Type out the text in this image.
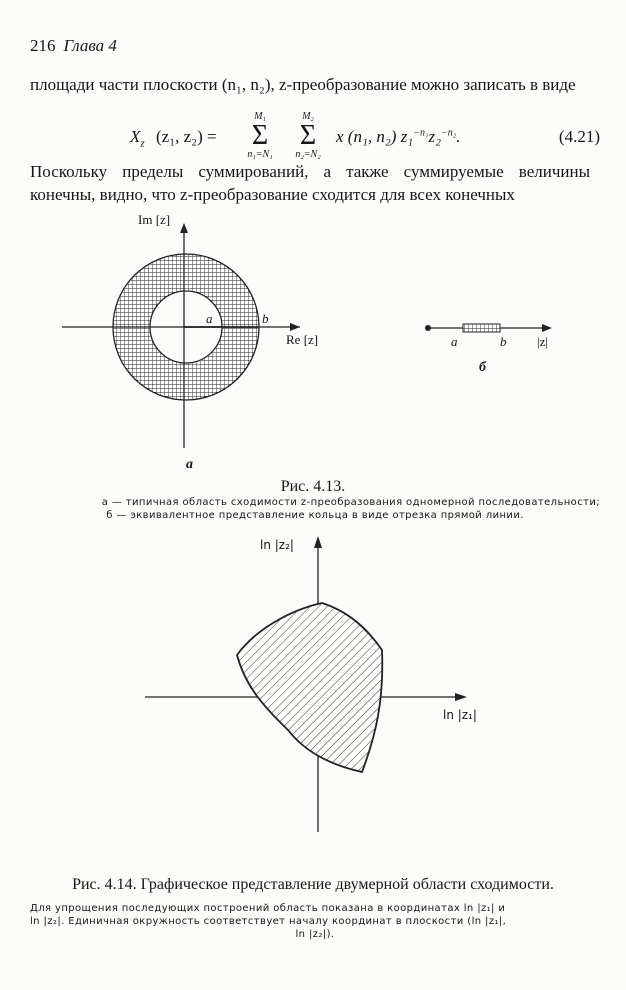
216 Глава 4
площади части плоскости (n₁, n₂), z-преобразование можно записать в виде
$X_z$ (z₁, z₂) =
M₁
Σ
n₁=N₁
M₂
Σ
n₂=N₂
x (n₁, n₂) z₁$^{-n_1}$z₂$^{-n_2}$.	(4.21)
Поскольку пределы суммирований, а также суммируемые величины конечны, видно, что z-преобразование сходится для всех конечных
Im [z]
Re [z]
a	b
а
a	b |z|
б
Рис. 4.13.
а — типичная область сходимости z-преобразования одномерной последовательности;
б — эквивалентное представление кольца в виде отрезка прямой линии.
ln |z₂|
ln |z₁|
Рис. 4.14. Графическое представление двумерной области сходимости.
Для упрощения последующих построений область показана в координатах ln |z₁| и
ln |z₂|. Единичная окружность соответствует началу координат в плоскости (ln |z₁|,
ln |z₂|).
